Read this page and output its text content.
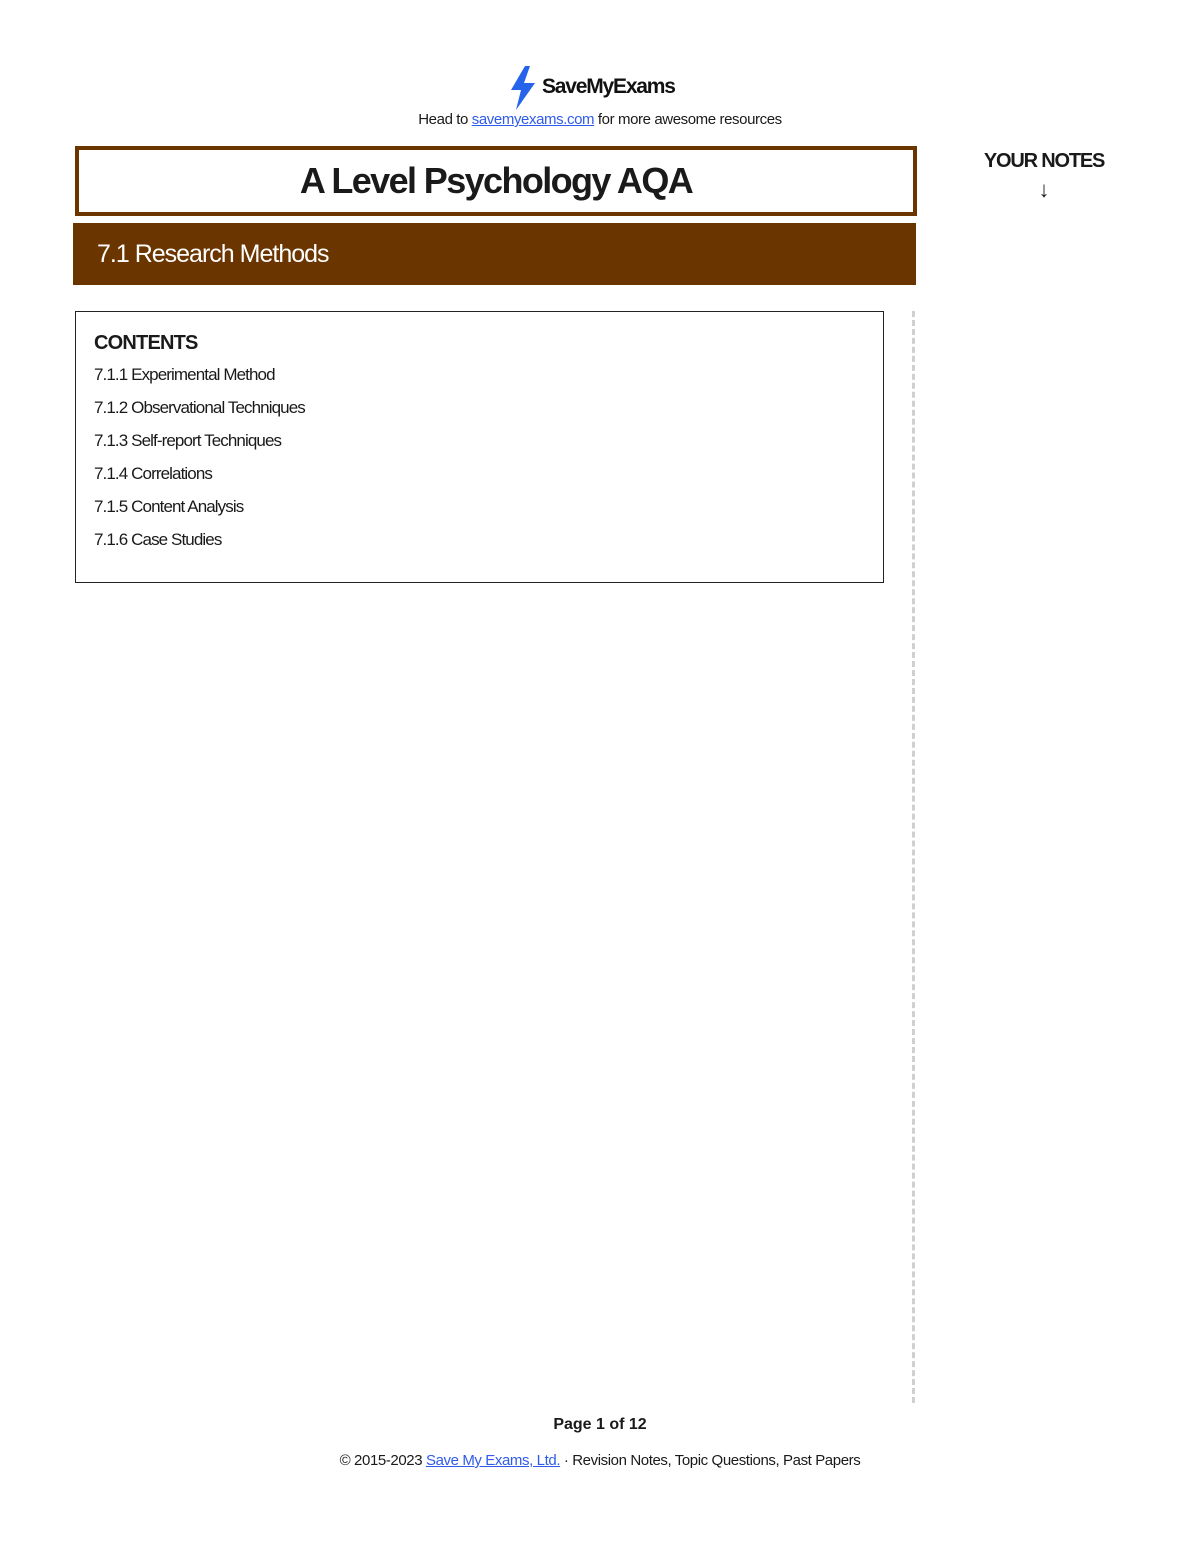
SaveMyExams
Head to savemyexams.com for more awesome resources
A Level Psychology AQA
7.1 Research Methods
YOUR NOTES
↓
CONTENTS
7.1.1 Experimental Method
7.1.2 Observational Techniques
7.1.3 Self-report Techniques
7.1.4 Correlations
7.1.5 Content Analysis
7.1.6 Case Studies
Page 1 of 12
© 2015-2023 Save My Exams, Ltd. · Revision Notes, Topic Questions, Past Papers
